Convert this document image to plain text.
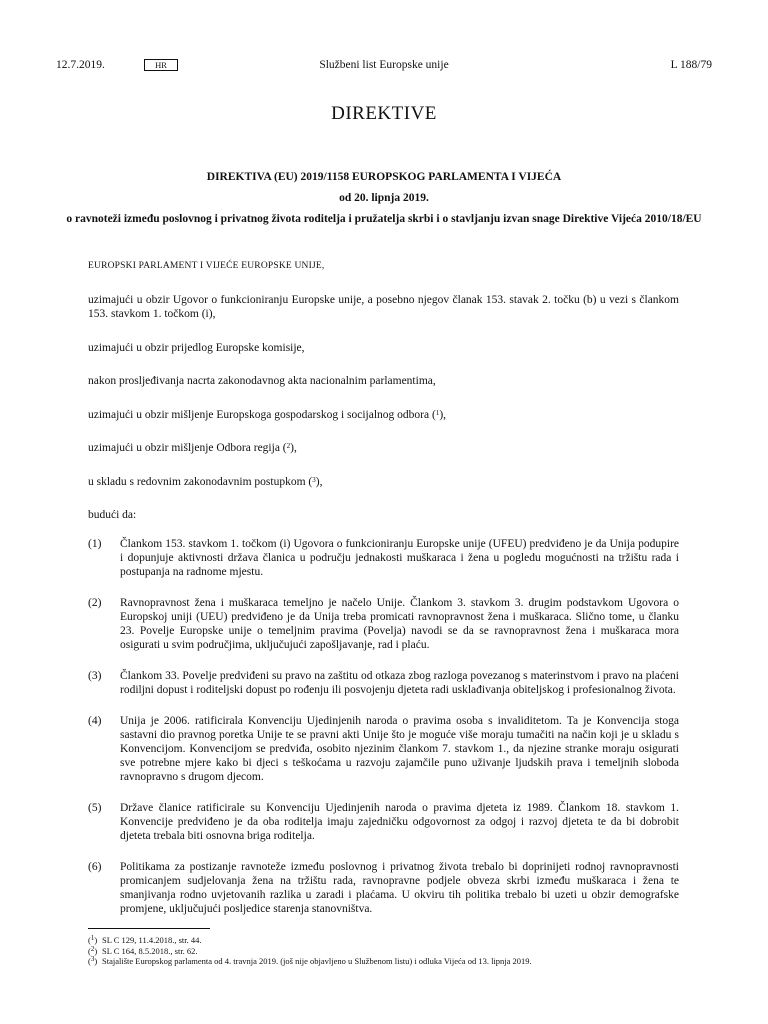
12.7.2019.	HR	Službeni list Europske unije	L 188/79
DIREKTIVE
DIREKTIVA (EU) 2019/1158 EUROPSKOG PARLAMENTA I VIJEĆA
od 20. lipnja 2019.
o ravnoteži između poslovnog i privatnog života roditelja i pružatelja skrbi i o stavljanju izvan snage Direktive Vijeća 2010/18/EU

EUROPSKI PARLAMENT I VIJEĆE EUROPSKE UNIJE,

uzimajući u obzir Ugovor o funkcioniranju Europske unije, a posebno njegov članak 153. stavak 2. točku (b) u vezi s člankom 153. stavkom 1. točkom (i),

uzimajući u obzir prijedlog Europske komisije,

nakon prosljeđivanja nacrta zakonodavnog akta nacionalnim parlamentima,

uzimajući u obzir mišljenje Europskoga gospodarskog i socijalnog odbora ($^1$),

uzimajući u obzir mišljenje Odbora regija ($^2$),

u skladu s redovnim zakonodavnim postupkom ($^3$),

budući da:

(1) Člankom 153. stavkom 1. točkom (i) Ugovora o funkcioniranju Europske unije (UFEU) predviđeno je da Unija podupire i dopunjuje aktivnosti država članica u području jednakosti muškaraca i žena u pogledu mogućnosti na tržištu rada i postupanja na radnome mjestu.
(2) Ravnopravnost žena i muškaraca temeljno je načelo Unije. Člankom 3. stavkom 3. drugim podstavkom Ugovora o Europskoj uniji (UEU) predviđeno je da Unija treba promicati ravnopravnost žena i muškaraca. Slično tome, u članku 23. Povelje Europske unije o temeljnim pravima (Povelja) navodi se da se ravnopravnost žena i muškaraca mora osigurati u svim područjima, uključujući zapošljavanje, rad i plaću.
(3) Člankom 33. Povelje predviđeni su pravo na zaštitu od otkaza zbog razloga povezanog s materinstvom i pravo na plaćeni rodiljni dopust i roditeljski dopust po rođenju ili posvojenju djeteta radi usklađivanja obiteljskog i profesionalnog života.
(4) Unija je 2006. ratificirala Konvenciju Ujedinjenih naroda o pravima osoba s invaliditetom. Ta je Konvencija stoga sastavni dio pravnog poretka Unije te se pravni akti Unije što je moguće više moraju tumačiti na način koji je u skladu s Konvencijom. Konvencijom se predviđa, osobito njezinim člankom 7. stavkom 1., da njezine stranke moraju osigurati sve potrebne mjere kako bi djeci s teškoćama u razvoju zajamčile puno uživanje ljudskih prava i temeljnih sloboda ravnopravno s drugom djecom.
(5) Države članice ratificirale su Konvenciju Ujedinjenih naroda o pravima djeteta iz 1989. Člankom 18. stavkom 1. Konvencije predviđeno je da oba roditelja imaju zajedničku odgovornost za odgoj i razvoj djeteta te da bi dobrobit djeteta trebala biti osnovna briga roditelja.
(6) Politikama za postizanje ravnoteže između poslovnog i privatnog života trebalo bi doprinijeti rodnoj ravnopravnosti promicanjem sudjelovanja žena na tržištu rada, ravnopravne podjele obveza skrbi između muškaraca i žena te smanjivanja rodno uvjetovanih razlika u zaradi i plaćama. U okviru tih politika trebalo bi uzeti u obzir demografske promjene, uključujući posljedice starenja stanovništva.
($^1$) SL C 129, 11.4.2018., str. 44.
($^2$) SL C 164, 8.5.2018., str. 62.
($^3$) Stajalište Europskog parlamenta od 4. travnja 2019. (još nije objavljeno u Službenom listu) i odluka Vijeća od 13. lipnja 2019.
